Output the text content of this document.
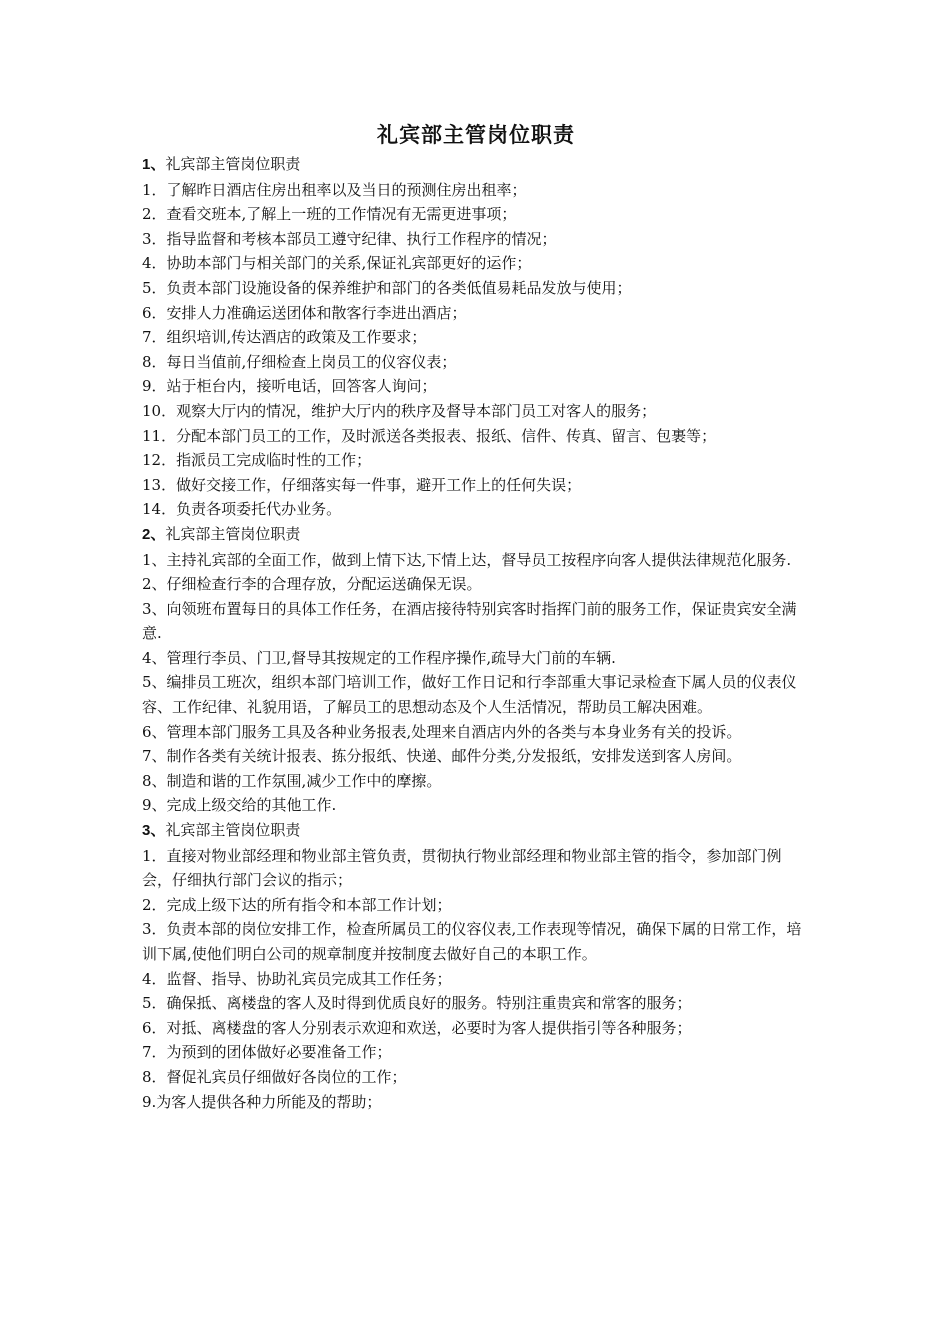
礼宾部主管岗位职责

1、礼宾部主管岗位职责

1．了解昨日酒店住房出租率以及当日的预测住房出租率；

2．查看交班本,了解上一班的工作情况有无需更进事项；

3．指导监督和考核本部员工遵守纪律、执行工作程序的情况；

4．协助本部门与相关部门的关系,保证礼宾部更好的运作；

5．负责本部门设施设备的保养维护和部门的各类低值易耗品发放与使用；

6．安排人力准确运送团体和散客行李进出酒店；

7．组织培训,传达酒店的政策及工作要求；

8．每日当值前,仔细检查上岗员工的仪容仪表；

9．站于柜台内，接听电话，回答客人询问；

10．观察大厅内的情况，维护大厅内的秩序及督导本部门员工对客人的服务；

11．分配本部门员工的工作，及时派送各类报表、报纸、信件、传真、留言、包裹等；

12．指派员工完成临时性的工作；

13．做好交接工作，仔细落实每一件事，避开工作上的任何失误；

14．负责各项委托代办业务。

2、礼宾部主管岗位职责

1、主持礼宾部的全面工作，做到上情下达,下情上达，督导员工按程序向客人提供法律规范化服务.

2、仔细检查行李的合理存放，分配运送确保无误。

3、向领班布置每日的具体工作任务，在酒店接待特别宾客时指挥门前的服务工作，保证贵宾安全满意.

4、管理行李员、门卫,督导其按规定的工作程序操作,疏导大门前的车辆.

5、编排员工班次，组织本部门培训工作，做好工作日记和行李部重大事记录检查下属人员的仪表仪容、工作纪律、礼貌用语，了解员工的思想动态及个人生活情况，帮助员工解决困难。

6、管理本部门服务工具及各种业务报表,处理来自酒店内外的各类与本身业务有关的投诉。

7、制作各类有关统计报表、拣分报纸、快递、邮件分类,分发报纸，安排发送到客人房间。

8、制造和谐的工作氛围,减少工作中的摩擦。

9、完成上级交给的其他工作.

3、礼宾部主管岗位职责

1．直接对物业部经理和物业部主管负责，贯彻执行物业部经理和物业部主管的指令，参加部门例会，仔细执行部门会议的指示；

2．完成上级下达的所有指令和本部工作计划；

3．负责本部的岗位安排工作，检查所属员工的仪容仪表,工作表现等情况，确保下属的日常工作，培训下属,使他们明白公司的规章制度并按制度去做好自己的本职工作。

4．监督、指导、协助礼宾员完成其工作任务；

5．确保抵、离楼盘的客人及时得到优质良好的服务。特别注重贵宾和常客的服务；

6．对抵、离楼盘的客人分别表示欢迎和欢送，必要时为客人提供指引等各种服务；

7．为预到的团体做好必要准备工作；

8．督促礼宾员仔细做好各岗位的工作；

9.为客人提供各种力所能及的帮助；
